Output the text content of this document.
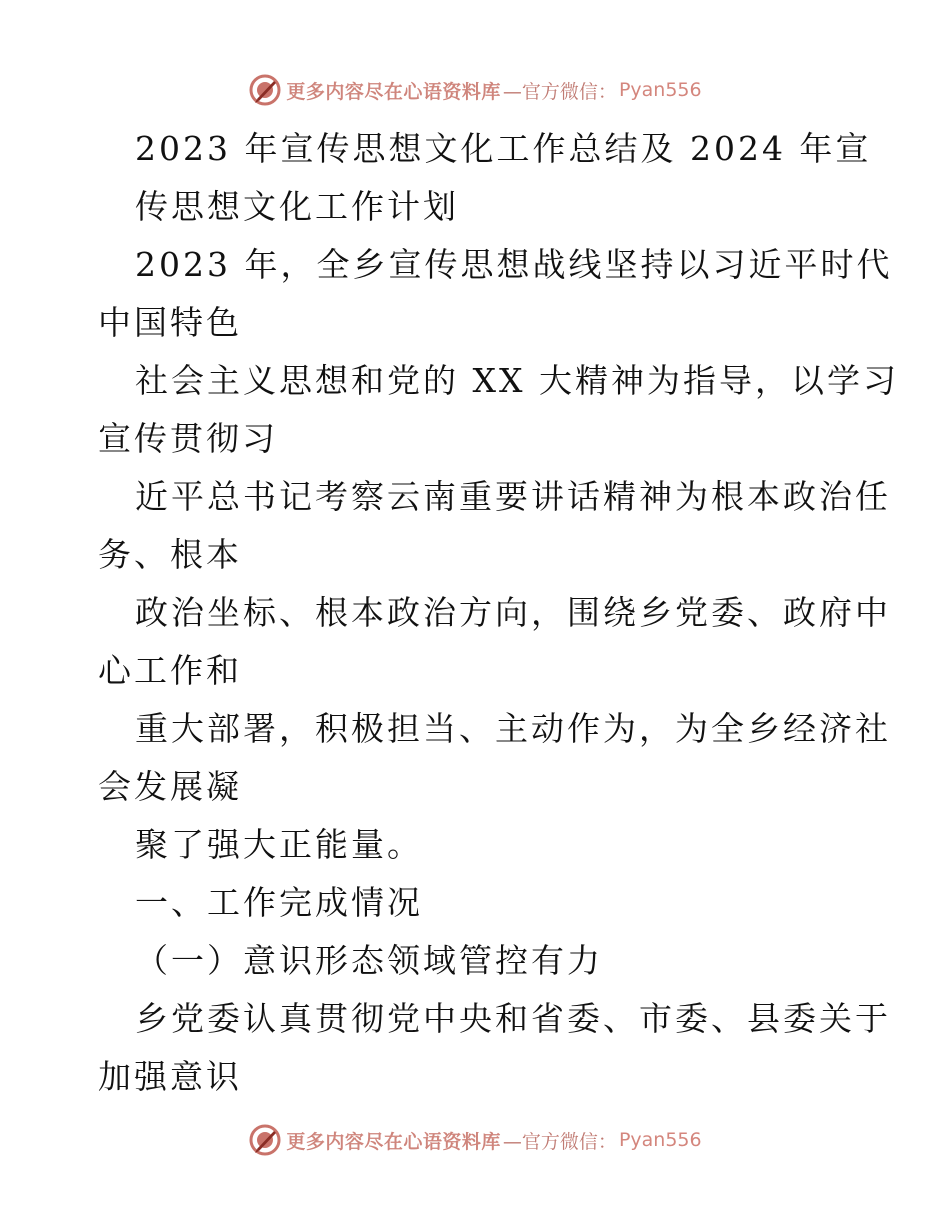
更多内容尽在心语资料库 —官方微信： Pyan556
2023 年宣传思想文化工作总结及 2024 年宣
传思想文化工作计划
2023 年，全乡宣传思想战线坚持以习近平时代
中国特色
社会主义思想和党的 XX 大精神为指导，以学习
宣传贯彻习
近平总书记考察云南重要讲话精神为根本政治任
务、根本
政治坐标、根本政治方向，围绕乡党委、政府中
心工作和
重大部署，积极担当、主动作为，为全乡经济社
会发展凝
聚了强大正能量。
一、工作完成情况
（一）意识形态领域管控有力
乡党委认真贯彻党中央和省委、市委、县委关于
加强意识
更多内容尽在心语资料库 —官方微信： Pyan556
